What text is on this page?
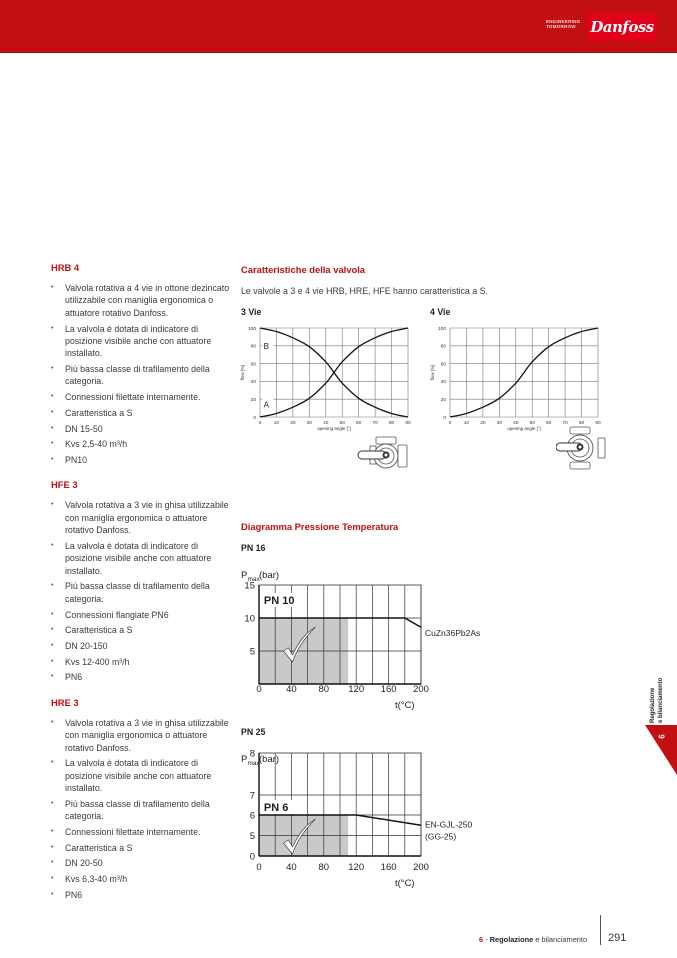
ENGINEERING
TOMORROW Danfoss
HRB 4
• Valvola rotativa a 4 vie in ottone dezincato utilizzabile con maniglia ergonomica o attuatore rotativo Danfoss.
• La valvola è dotata di indicatore di posizione visibile anche con attuatore installato.
• Più bassa classe di trafilamento della categoria.
• Connessioni filettate internamente.
• Caratteristica a S
• DN 15-50
• Kvs 2,5-40 m³/h
• PN10
HFE 3
• Valvola rotativa a 3 vie in ghisa utilizzabile con maniglia ergonomica o attuatore rotativo Danfoss.
• La valvola è dotata di indicatore di posizione visibile anche con attuatore installato.
• Più bassa classe di trafilamento della categoria.
• Connessioni flangiate PN6
• Caratteristica a S
• DN 20-150
• Kvs 12-400 m³/h
• PN6
HRE 3
• Valvola rotativa a 3 vie in ghisa utilizzabile con maniglia ergonomica o attuatore rotativo Danfoss.
• La valvola è dotata di indicatore di posizione visibile anche con attuatore installato.
• Più bassa classe di trafilamento della categoria.
• Connessioni filettate internamente.
• Caratteristica a S
• DN 20-50
• Kvs 6,3-40 m³/h
• PN6
Caratteristiche della valvola
Le valvole a 3 e 4 vie HRB, HRE, HFE hanno caratteristica a S.
3 Vie	4 Vie
0	10 20 30 40 50 60 70 80 90
0
20
40
60
80
100
opening angle [°]
flow [%]
B
A
0	10 20 30 40 50 60 70 80 90
0
20
40
60
80
100
opening angle [°]
flow [%]
Diagramma Pressione Temperatura
PN 16
PN 25
P max (bar)
PN 10
0	40 80 120 160 200
t(°C)
15
10
5
CuZn36Pb2As
P max (bar)
PN 6
0	40 80 120 160 200
t(°C)
8
7
6
5
0
EN-GJL-250
(GG-25)
6
Regolazione e bilanciamento
6 - Regolazione e bilanciamento 291
